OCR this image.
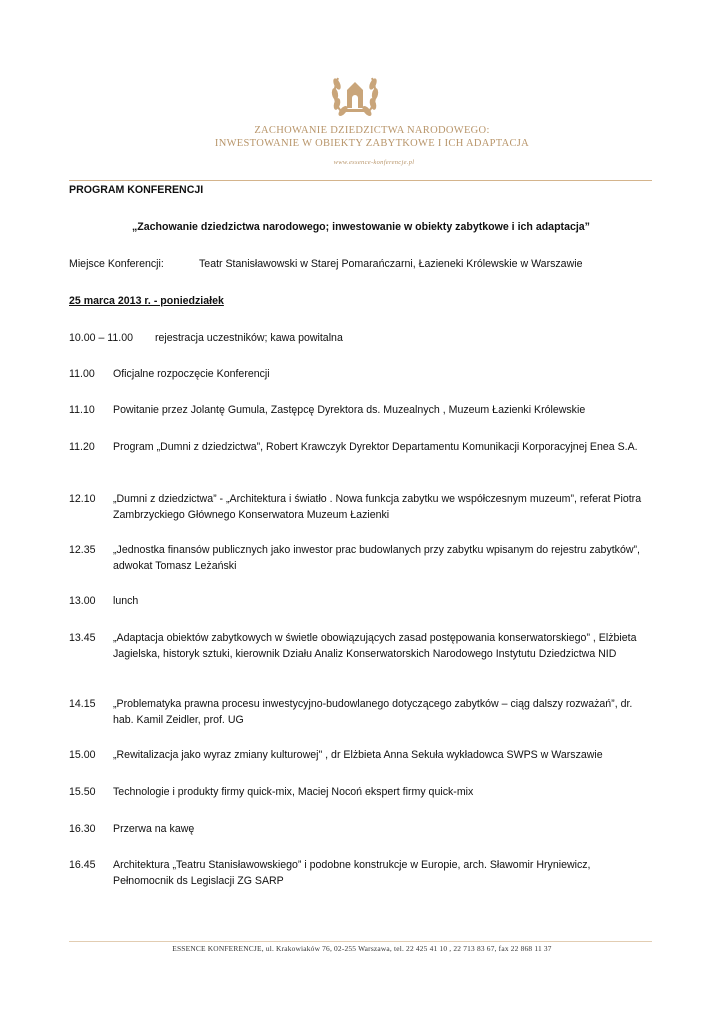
ZACHOWANIE DZIEDZICTWA NARODOWEGO:
INWESTOWANIE W OBIEKTY ZABYTKOWE I ICH ADAPTACJA
www.essence-konferencje.pl
PROGRAM KONFERENCJI
„Zachowanie dziedzictwa narodowego; inwestowanie w obiekty zabytkowe i ich adaptacja”
Miejsce Konferencji:	Teatr Stanisławowski w Starej Pomarańczarni, Łazieneki Królewskie w Warszawie
25 marca 2013 r. - poniedziałek
10.00 – 11.00 rejestracja uczestników; kawa powitalna
11.00 Oficjalne rozpoczęcie Konferencji
11.10 Powitanie przez Jolantę Gumula, Zastępcę Dyrektora ds. Muzealnych , Muzeum Łazienki Królewskie
11.20 Program „Dumni z dziedzictwa”, Robert Krawczyk Dyrektor Departamentu Komunikacji Korporacyjnej Enea S.A.
12.10 „Dumni z dziedzictwa” - „Architektura i światło . Nowa funkcja zabytku we współczesnym muzeum”, referat Piotra Zambrzyckiego Głównego Konserwatora Muzeum Łazienki
12.35 „Jednostka finansów publicznych jako inwestor prac budowlanych przy zabytku wpisanym do rejestru zabytków”, adwokat Tomasz Leżański
13.00 lunch
13.45 „Adaptacja obiektów zabytkowych w świetle obowiązujących zasad postępowania konserwatorskiego” , Elżbieta Jagielska, historyk sztuki, kierownik Działu Analiz Konserwatorskich Narodowego Instytutu Dziedzictwa NID
14.15 „Problematyka prawna procesu inwestycyjno-budowlanego dotyczącego zabytków – ciąg dalszy rozważań”, dr. hab. Kamil Zeidler, prof. UG
15.00 „Rewitalizacja jako wyraz zmiany kulturowej" , dr Elżbieta Anna Sekuła wykładowca SWPS w Warszawie
15.50 Technologie i produkty firmy quick-mix, Maciej Nocoń ekspert firmy quick-mix
16.30 Przerwa na kawę
16.45 Architektura „Teatru Stanisławowskiego” i podobne konstrukcje w Europie, arch. Sławomir Hryniewicz, Pełnomocnik ds Legislacji ZG SARP
ESSENCE KONFERENCJE, ul. Krakowiaków 76, 02-255 Warszawa, tel. 22 425 41 10 , 22 713 83 67, fax 22 868 11 37
